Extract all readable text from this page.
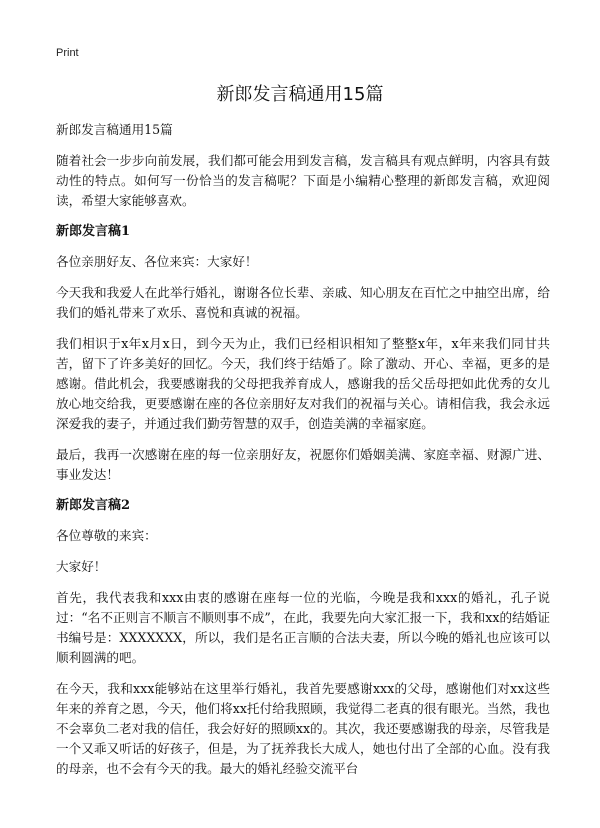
Print
新郎发言稿通用15篇

新郎发言稿通用15篇

随着社会一步步向前发展，我们都可能会用到发言稿，发言稿具有观点鲜明，内容具有鼓动性的特点。如何写一份恰当的发言稿呢？下面是小编精心整理的新郎发言稿，欢迎阅读，希望大家能够喜欢。

新郎发言稿1

各位亲朋好友、各位来宾：大家好！

今天我和我爱人在此举行婚礼，谢谢各位长辈、亲戚、知心朋友在百忙之中抽空出席，给我们的婚礼带来了欢乐、喜悦和真诚的祝福。

我们相识于x年x月x日，到今天为止，我们已经相识相知了整整x年，x年来我们同甘共苦，留下了许多美好的回忆。今天，我们终于结婚了。除了激动、开心、幸福，更多的是感谢。借此机会，我要感谢我的父母把我养育成人，感谢我的岳父岳母把如此优秀的女儿放心地交给我，更要感谢在座的各位亲朋好友对我们的祝福与关心。请相信我，我会永远深爱我的妻子，并通过我们勤劳智慧的双手，创造美满的幸福家庭。

最后，我再一次感谢在座的每一位亲朋好友，祝愿你们婚姻美满、家庭幸福、财源广进、事业发达！

新郎发言稿2

各位尊敬的来宾：

大家好！

首先，我代表我和xxx由衷的感谢在座每一位的光临，今晚是我和xxx的婚礼，孔子说过：“名不正则言不顺言不顺则事不成”，在此，我要先向大家汇报一下，我和xx的结婚证书编号是：XXXXXXX，所以，我们是名正言顺的合法夫妻，所以今晚的婚礼也应该可以顺利圆满的吧。

在今天，我和xxx能够站在这里举行婚礼，我首先要感谢xxx的父母，感谢他们对xx这些年来的养育之恩，今天，他们将xx托付给我照顾，我觉得二老真的很有眼光。当然，我也不会辜负二老对我的信任，我会好好的照顾xx的。其次，我还要感谢我的母亲，尽管我是一个又乖又听话的好孩子，但是，为了抚养我长大成人，她也付出了全部的心血。没有我的母亲，也不会有今天的我。最大的婚礼经验交流平台
